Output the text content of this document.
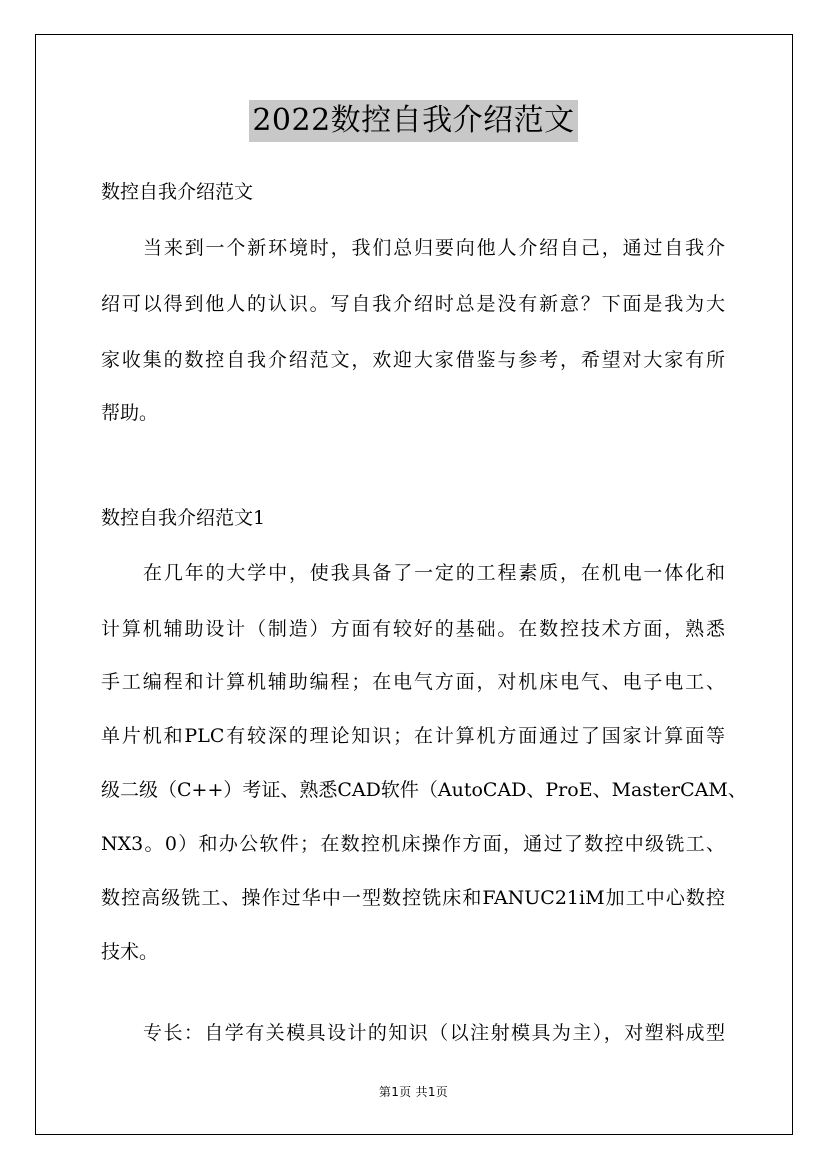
2022数控自我介绍范文
数控自我介绍范文
当来到一个新环境时，我们总归要向他人介绍自己，通过自我介
绍可以得到他人的认识。写自我介绍时总是没有新意？下面是我为大
家收集的数控自我介绍范文，欢迎大家借鉴与参考，希望对大家有所
帮助。
数控自我介绍范文1
在几年的大学中，使我具备了一定的工程素质，在机电一体化和
计算机辅助设计（制造）方面有较好的基础。在数控技术方面，熟悉
手工编程和计算机辅助编程；在电气方面，对机床电气、电子电工、
单片机和PLC有较深的理论知识；在计算机方面通过了国家计算面等
级二级（C++）考证、熟悉CAD软件（AutoCAD、ProE、MasterCAM、
NX3。0）和办公软件；在数控机床操作方面，通过了数控中级铣工、
数控高级铣工、操作过华中一型数控铣床和FANUC21iM加工中心数控
技术。
专长：自学有关模具设计的知识（以注射模具为主），对塑料成型
第1页 共1页
